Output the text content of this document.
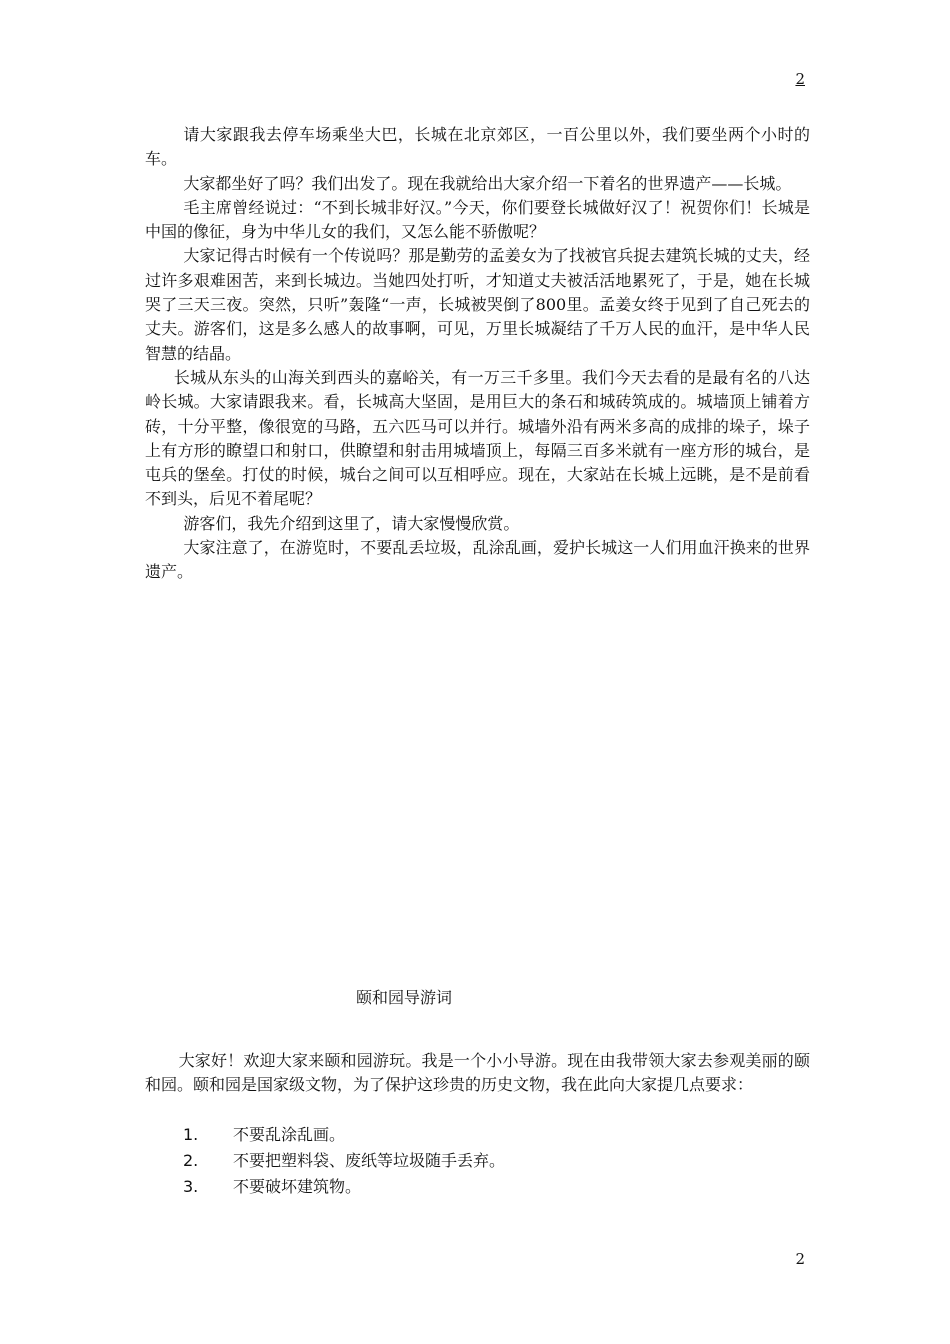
2

请大家跟我去停车场乘坐大巴，长城在北京郊区，一百公里以外，我们要坐两个小时的车。

大家都坐好了吗？我们出发了。现在我就给出大家介绍一下着名的世界遗产——长城。

毛主席曾经说过：“不到长城非好汉。”今天，你们要登长城做好汉了！祝贺你们！长城是中国的像征，身为中华儿女的我们，又怎么能不骄傲呢？

大家记得古时候有一个传说吗？那是勤劳的孟姜女为了找被官兵捉去建筑长城的丈夫，经过许多艰难困苦，来到长城边。当她四处打听，才知道丈夫被活活地累死了，于是，她在长城哭了三天三夜。突然，只听”轰隆“一声，长城被哭倒了800里。孟姜女终于见到了自己死去的丈夫。游客们，这是多么感人的故事啊，可见，万里长城凝结了千万人民的血汗，是中华人民智慧的结晶。

长城从东头的山海关到西头的嘉峪关，有一万三千多里。我们今天去看的是最有名的八达岭长城。大家请跟我来。看，长城高大坚固，是用巨大的条石和城砖筑成的。城墙顶上铺着方砖，十分平整，像很宽的马路，五六匹马可以并行。城墙外沿有两米多高的成排的垛子，垛子上有方形的瞭望口和射口，供瞭望和射击用城墙顶上，每隔三百多米就有一座方形的城台，是屯兵的堡垒。打仗的时候，城台之间可以互相呼应。现在，大家站在长城上远眺，是不是前看不到头，后见不着尾呢？

游客们，我先介绍到这里了，请大家慢慢欣赏。

大家注意了，在游览时，不要乱丢垃圾，乱涂乱画，爱护长城这一人们用血汗换来的世界遗产。

颐和园导游词

大家好！欢迎大家来颐和园游玩。我是一个小小导游。现在由我带领大家去参观美丽的颐和园。颐和园是国家级文物，为了保护这珍贵的历史文物，我在此向大家提几点要求：

1.	不要乱涂乱画。
2.	不要把塑料袋、废纸等垃圾随手丢弃。
3.	不要破坏建筑物。
2
